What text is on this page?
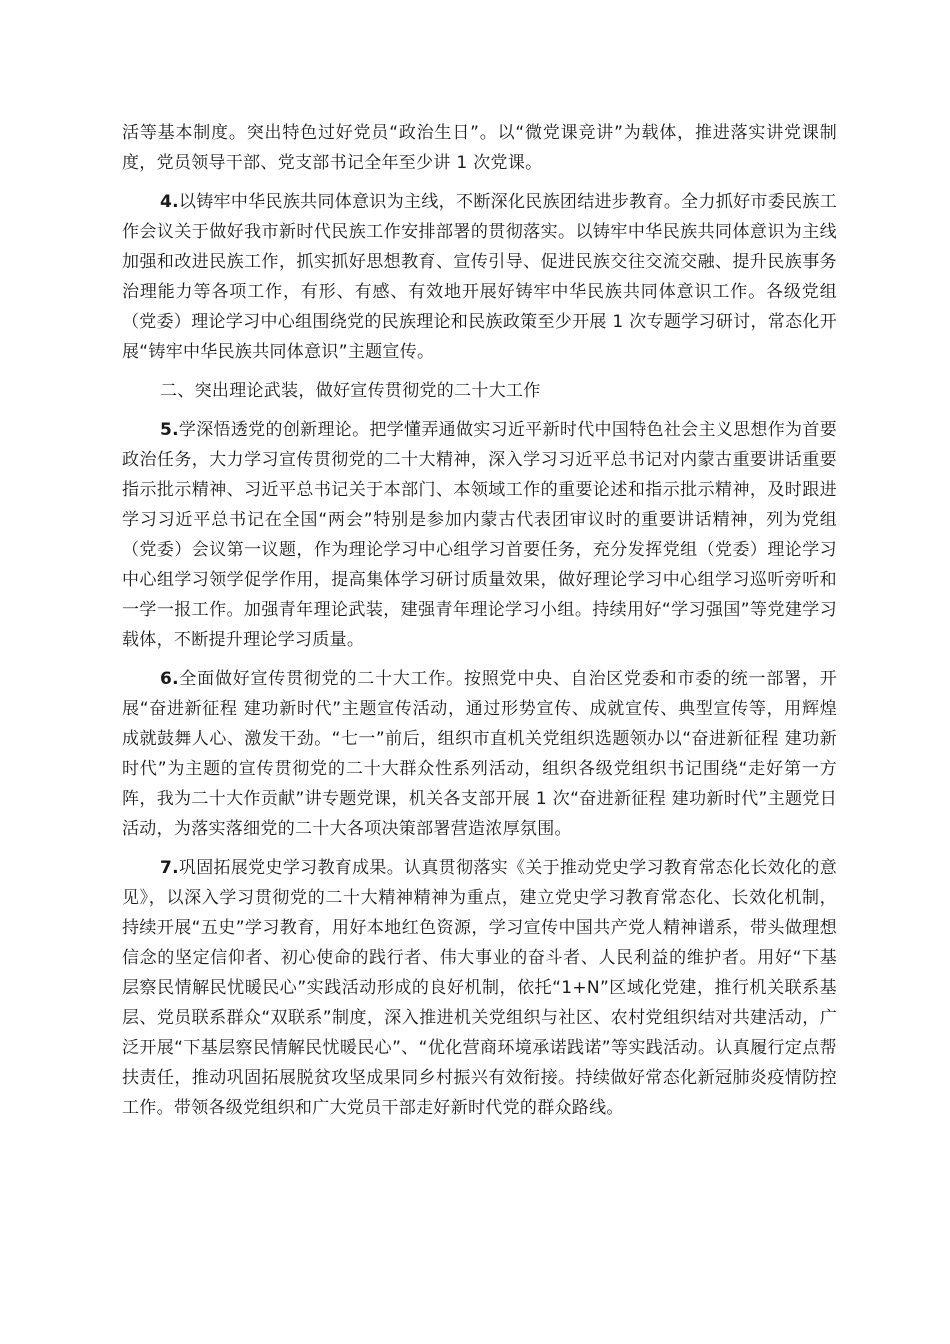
活等基本制度。突出特色过好党员“政治生日”。以“微党课竞讲”为载体，推进落实讲党课制度，党员领导干部、党支部书记全年至少讲 1 次党课。

4.以铸牢中华民族共同体意识为主线，不断深化民族团结进步教育。全力抓好市委民族工作会议关于做好我市新时代民族工作安排部署的贯彻落实。以铸牢中华民族共同体意识为主线加强和改进民族工作，抓实抓好思想教育、宣传引导、促进民族交往交流交融、提升民族事务治理能力等各项工作，有形、有感、有效地开展好铸牢中华民族共同体意识工作。各级党组（党委）理论学习中心组围绕党的民族理论和民族政策至少开展 1 次专题学习研讨，常态化开展“铸牢中华民族共同体意识”主题宣传。

二、突出理论武装，做好宣传贯彻党的二十大工作

5.学深悟透党的创新理论。把学懂弄通做实习近平新时代中国特色社会主义思想作为首要政治任务，大力学习宣传贯彻党的二十大精神，深入学习习近平总书记对内蒙古重要讲话重要指示批示精神、习近平总书记关于本部门、本领域工作的重要论述和指示批示精神，及时跟进学习习近平总书记在全国“两会”特别是参加内蒙古代表团审议时的重要讲话精神，列为党组（党委）会议第一议题，作为理论学习中心组学习首要任务，充分发挥党组（党委）理论学习中心组学习领学促学作用，提高集体学习研讨质量效果，做好理论学习中心组学习巡听旁听和一学一报工作。加强青年理论武装，建强青年理论学习小组。持续用好“学习强国”等党建学习载体，不断提升理论学习质量。

6.全面做好宣传贯彻党的二十大工作。按照党中央、自治区党委和市委的统一部署，开展“奋进新征程 建功新时代”主题宣传活动，通过形势宣传、成就宣传、典型宣传等，用辉煌成就鼓舞人心、激发干劲。“七一”前后，组织市直机关党组织选题领办以“奋进新征程 建功新时代”为主题的宣传贯彻党的二十大群众性系列活动，组织各级党组织书记围绕“走好第一方阵，我为二十大作贡献”讲专题党课，机关各支部开展 1 次“奋进新征程 建功新时代”主题党日活动，为落实落细党的二十大各项决策部署营造浓厚氛围。

7.巩固拓展党史学习教育成果。认真贯彻落实《关于推动党史学习教育常态化长效化的意见》，以深入学习贯彻党的二十大精神精神为重点，建立党史学习教育常态化、长效化机制，持续开展“五史”学习教育，用好本地红色资源，学习宣传中国共产党人精神谱系，带头做理想信念的坚定信仰者、初心使命的践行者、伟大事业的奋斗者、人民利益的维护者。用好“下基层察民情解民忧暖民心”实践活动形成的良好机制，依托“1+N”区域化党建，推行机关联系基层、党员联系群众“双联系”制度，深入推进机关党组织与社区、农村党组织结对共建活动，广泛开展“下基层察民情解民忧暖民心”、“优化营商环境承诺践诺”等实践活动。认真履行定点帮扶责任，推动巩固拓展脱贫攻坚成果同乡村振兴有效衔接。持续做好常态化新冠肺炎疫情防控工作。带领各级党组织和广大党员干部走好新时代党的群众路线。
